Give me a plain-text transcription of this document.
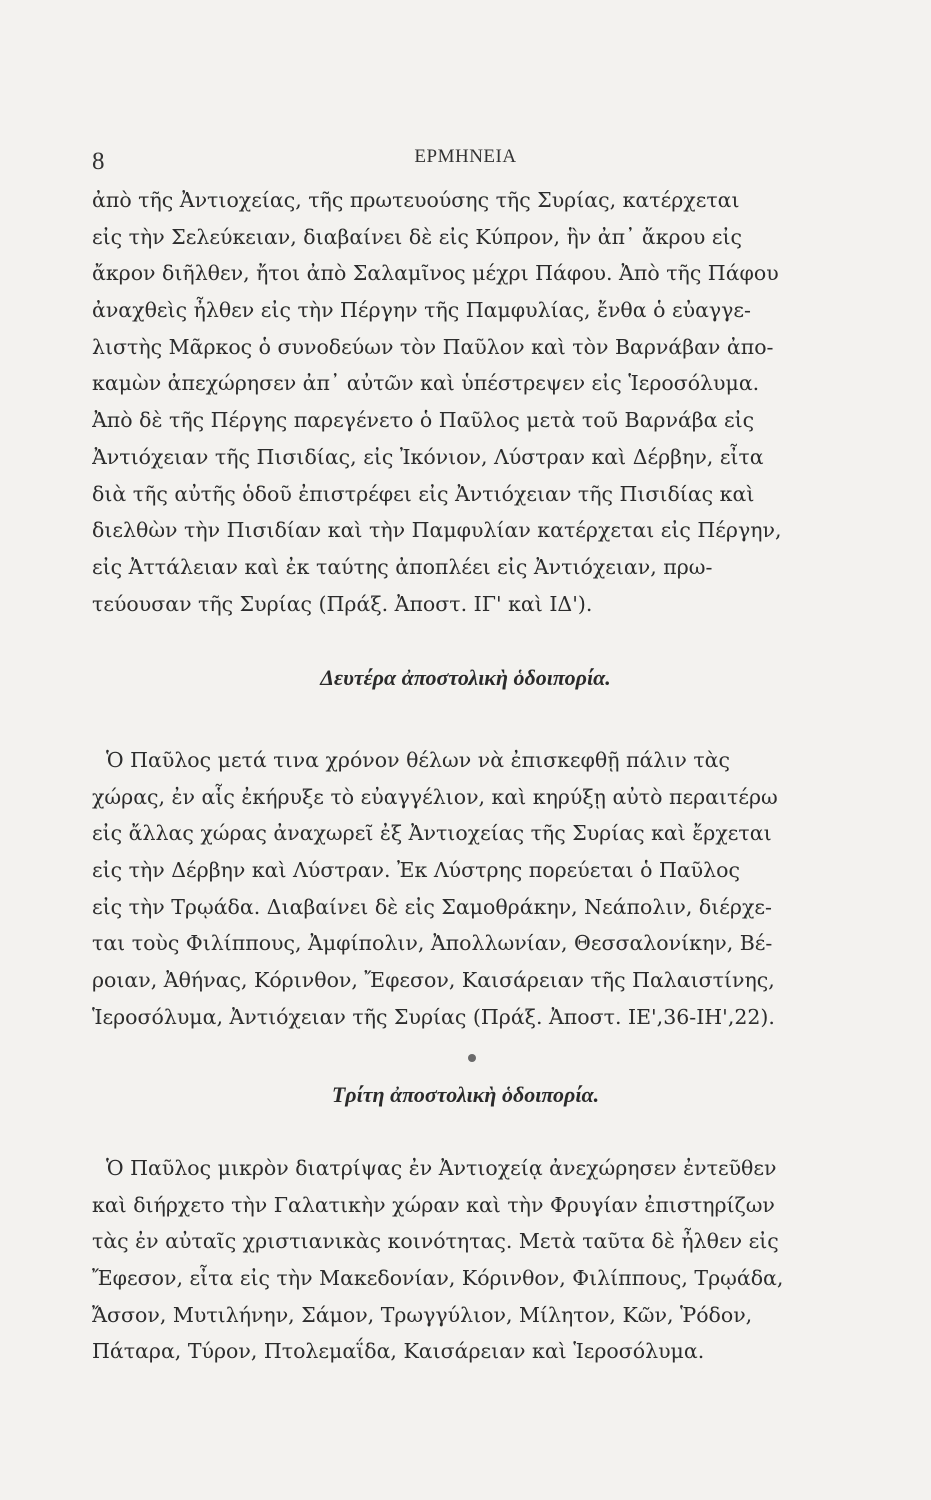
8	ΕΡΜΗΝΕΙΑ
ἀπὸ τῆς Ἀντιοχείας, τῆς πρωτευούσης τῆς Συρίας, κατέρχεται
εἰς τὴν Σελεύκειαν, διαβαίνει δὲ εἰς Κύπρον, ἣν ἀπ᾽ ἄκρου εἰς
ἄκρον διῆλθεν, ἤτοι ἀπὸ Σαλαμῖνος μέχρι Πάφου. Ἀπὸ τῆς Πάφου
ἀναχθεὶς ἦλθεν εἰς τὴν Πέργην τῆς Παμφυλίας, ἔνθα ὁ εὐαγγε-
λιστὴς Μᾶρκος ὁ συνοδεύων τὸν Παῦλον καὶ τὸν Βαρνάβαν ἀπο-
καμὼν ἀπεχώρησεν ἀπ᾽ αὐτῶν καὶ ὑπέστρεψεν εἰς Ἱεροσόλυμα.
Ἀπὸ δὲ τῆς Πέργης παρεγένετο ὁ Παῦλος μετὰ τοῦ Βαρνάβα εἰς
Ἀντιόχειαν τῆς Πισιδίας, εἰς Ἰκόνιον, Λύστραν καὶ Δέρβην, εἶτα
διὰ τῆς αὐτῆς ὁδοῦ ἐπιστρέφει εἰς Ἀντιόχειαν τῆς Πισιδίας καὶ
διελθὼν τὴν Πισιδίαν καὶ τὴν Παμφυλίαν κατέρχεται εἰς Πέργην,
εἰς Ἀττάλειαν καὶ ἐκ ταύτης ἀποπλέει εἰς Ἀντιόχειαν, πρω-
τεύουσαν τῆς Συρίας (Πράξ. Ἀποστ. ΙΓ' καὶ ΙΔ').
Δευτέρα ἀποστολικὴ ὁδοιπορία.
Ὁ Παῦλος μετά τινα χρόνον θέλων νὰ ἐπισκεφθῇ πάλιν τὰς
χώρας, ἐν αἷς ἐκήρυξε τὸ εὐαγγέλιον, καὶ κηρύξῃ αὐτὸ περαιτέρω
εἰς ἄλλας χώρας ἀναχωρεῖ ἐξ Ἀντιοχείας τῆς Συρίας καὶ ἔρχεται
εἰς τὴν Δέρβην καὶ Λύστραν. Ἐκ Λύστρης πορεύεται ὁ Παῦλος
εἰς τὴν Τρῳάδα. Διαβαίνει δὲ εἰς Σαμοθράκην, Νεάπολιν, διέρχε-
ται τοὺς Φιλίππους, Ἀμφίπολιν, Ἀπολλωνίαν, Θεσσαλονίκην, Βέ-
ροιαν, Ἀθήνας, Κόρινθον, Ἔφεσον, Καισάρειαν τῆς Παλαιστίνης,
Ἱεροσόλυμα, Ἀντιόχειαν τῆς Συρίας (Πράξ. Ἀποστ. ΙΕ',36-ΙΗ',22).
Τρίτη ἀποστολικὴ ὁδοιπορία.
Ὁ Παῦλος μικρὸν διατρίψας ἐν Ἀντιοχείᾳ ἀνεχώρησεν ἐντεῦθεν
καὶ διήρχετο τὴν Γαλατικὴν χώραν καὶ τὴν Φρυγίαν ἐπιστηρίζων
τὰς ἐν αὐταῖς χριστιανικὰς κοινότητας. Μετὰ ταῦτα δὲ ἦλθεν εἰς
Ἔφεσον, εἶτα εἰς τὴν Μακεδονίαν, Κόρινθον, Φιλίππους, Τρῳάδα,
Ἄσσον, Μυτιλήνην, Σάμον, Τρωγγύλιον, Μίλητον, Κῶν, Ῥόδον,
Πάταρα, Τύρον, Πτολεμαΐδα, Καισάρειαν καὶ Ἱεροσόλυμα.
